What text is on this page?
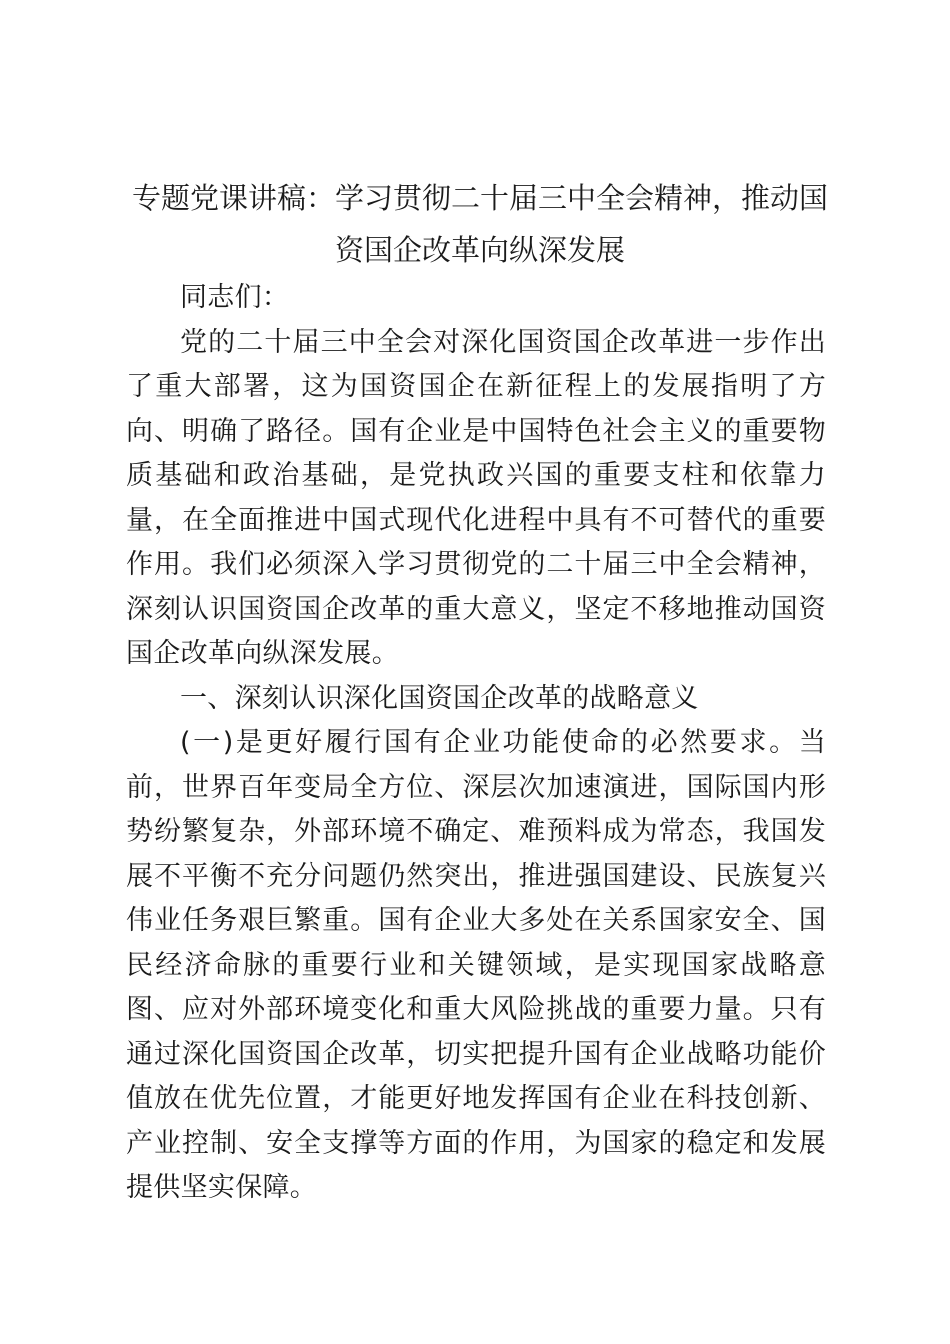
专题党课讲稿：学习贯彻二十届三中全会精神，推动国资国企改革向纵深发展

同志们：

党的二十届三中全会对深化国资国企改革进一步作出了重大部署，这为国资国企在新征程上的发展指明了方向、明确了路径。国有企业是中国特色社会主义的重要物质基础和政治基础，是党执政兴国的重要支柱和依靠力量，在全面推进中国式现代化进程中具有不可替代的重要作用。我们必须深入学习贯彻党的二十届三中全会精神，深刻认识国资国企改革的重大意义，坚定不移地推动国资国企改革向纵深发展。

一、深刻认识深化国资国企改革的战略意义

(一)是更好履行国有企业功能使命的必然要求。当前，世界百年变局全方位、深层次加速演进，国际国内形势纷繁复杂，外部环境不确定、难预料成为常态，我国发展不平衡不充分问题仍然突出，推进强国建设、民族复兴伟业任务艰巨繁重。国有企业大多处在关系国家安全、国民经济命脉的重要行业和关键领域，是实现国家战略意图、应对外部环境变化和重大风险挑战的重要力量。只有通过深化国资国企改革，切实把提升国有企业战略功能价值放在优先位置，才能更好地发挥国有企业在科技创新、产业控制、安全支撑等方面的作用，为国家的稳定和发展提供坚实保障。
